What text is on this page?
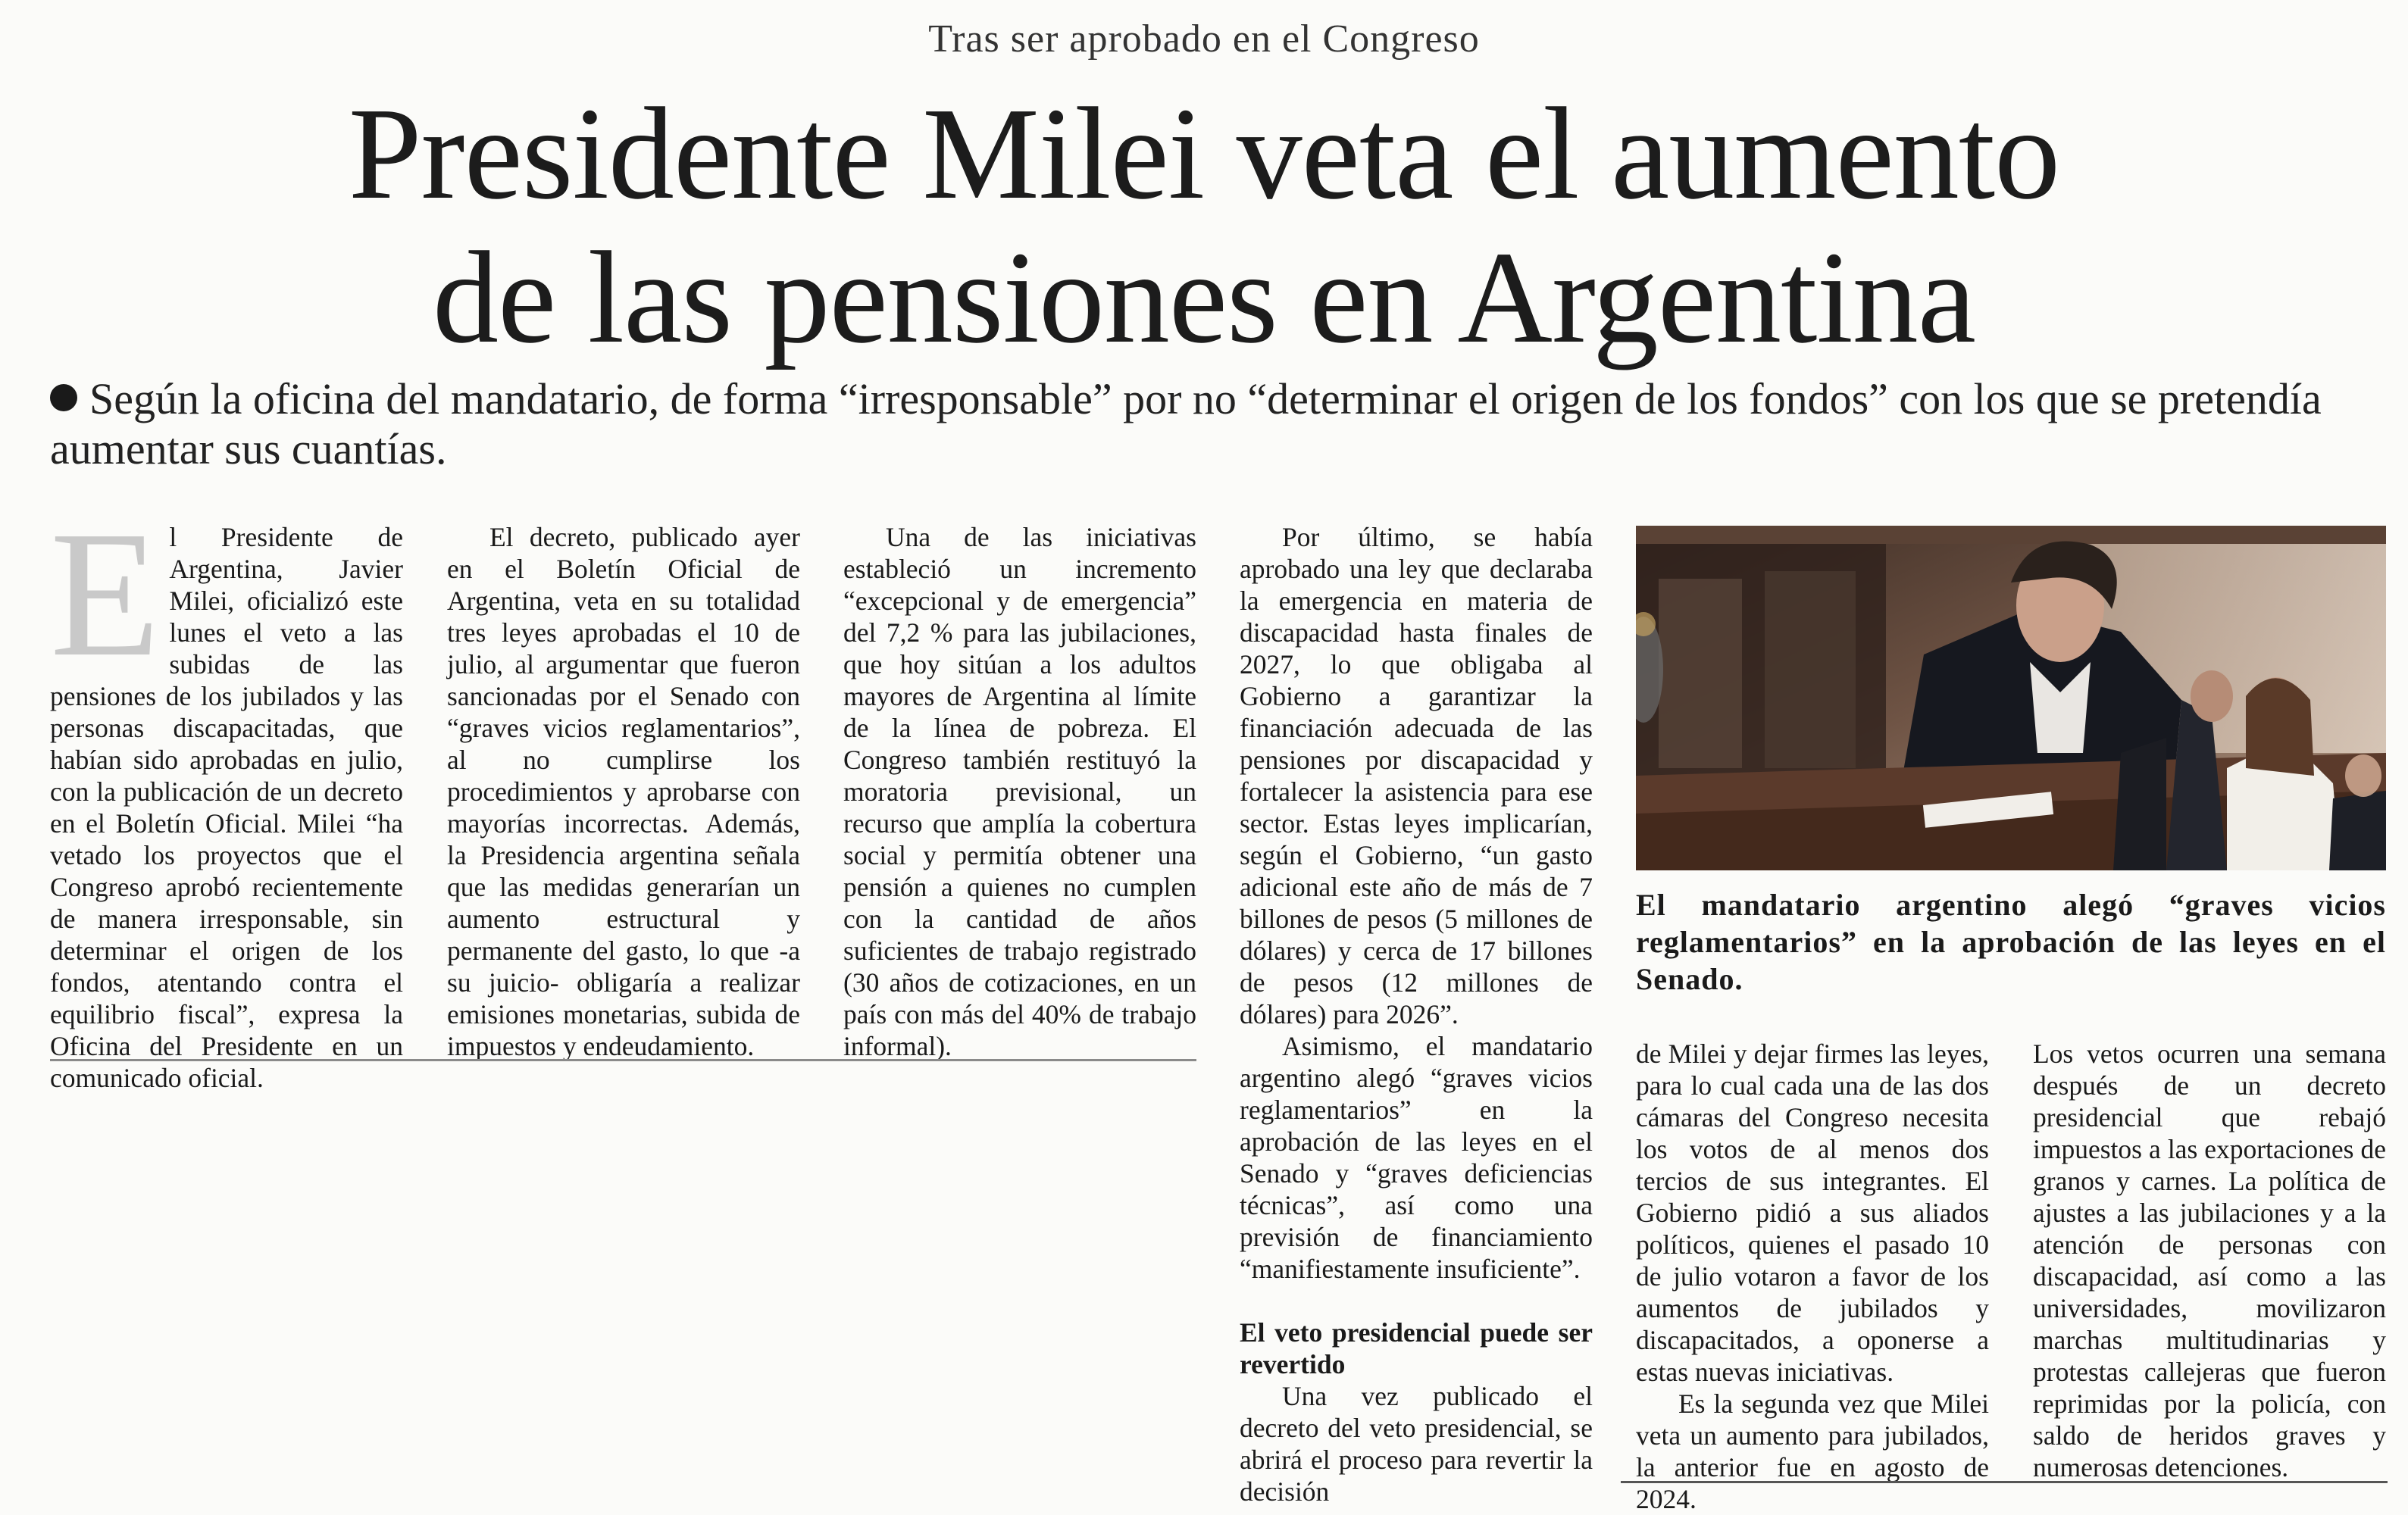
Tras ser aprobado en el Congreso
Presidente Milei veta el aumento
de las pensiones en Argentina

Según la oficina del mandatario, de forma “irresponsable” por no “determinar el origen de los fondos” con los que se pretendía aumentar sus cuantías.

E l Presidente de Argentina, Javier Milei, oficializó este lunes el veto a las subidas de las pensiones de los jubilados y las personas discapacitadas, que habían sido aprobadas en julio, con la publicación de un decreto en el Boletín Oficial. Milei “ha vetado los proyectos que el Congreso aprobó recientemente de manera irresponsable, sin determinar el origen de los fondos, atentando contra el equilibrio fiscal”, expresa la Oficina del Presidente en un comunicado oficial.

El decreto, publicado ayer en el Boletín Oficial de Argentina, veta en su totalidad tres leyes aprobadas el 10 de julio, al argumentar que fueron sancionadas por el Senado con “graves vicios reglamentarios”, al no cumplirse los procedimientos y aprobarse con mayorías incorrectas. Además, la Presidencia argentina señala que las medidas generarían un aumento estructural y permanente del gasto, lo que -a su juicio- obligaría a realizar emisiones monetarias, subida de impuestos y endeudamiento.

Una de las iniciativas estableció un incremento “excepcional y de emergencia” del 7,2 % para las jubilaciones, que hoy sitúan a los adultos mayores de Argentina al límite de la línea de pobreza. El Congreso también restituyó la moratoria previsional, un recurso que amplía la cobertura social y permitía obtener una pensión a quienes no cumplen con la cantidad de años suficientes de trabajo registrado (30 años de cotizaciones, en un país con más del 40% de trabajo informal).

Por último, se había aprobado una ley que declaraba la emergencia en materia de discapacidad hasta finales de 2027, lo que obligaba al Gobierno a garantizar la financiación adecuada de las pensiones por discapacidad y fortalecer la asistencia para ese sector. Estas leyes implicarían, según el Gobierno, “un gasto adicional este año de más de 7 billones de pesos (5 millones de dólares) y cerca de 17 billones de pesos (12 millones de dólares) para 2026”.

Asimismo, el mandatario argentino alegó “graves vicios reglamentarios” en la aprobación de las leyes en el Senado y “graves deficiencias técnicas”, así como una previsión de financiamiento “manifiestamente insuficiente”.

El veto presidencial puede ser revertido

Una vez publicado el decreto del veto presidencial, se abrirá el proceso para revertir la decisión

El mandatario argentino alegó “graves vicios reglamentarios” en la aprobación de las leyes en el Senado.

de Milei y dejar firmes las leyes, para lo cual cada una de las dos cámaras del Congreso necesita los votos de al menos dos tercios de sus integrantes. El Gobierno pidió a sus aliados políticos, quienes el pasado 10 de julio votaron a favor de los aumentos de jubilados y discapacitados, a oponerse a estas nuevas iniciativas.

Es la segunda vez que Milei veta un aumento para jubilados, la anterior fue en agosto de 2024.

Los vetos ocurren una semana después de un decreto presidencial que rebajó impuestos a las exportaciones de granos y carnes. La política de ajustes a las jubilaciones y a la atención de personas con discapacidad, así como a las universidades, movilizaron marchas multitudinarias y protestas callejeras que fueron reprimidas por la policía, con saldo de heridos graves y numerosas detenciones.
